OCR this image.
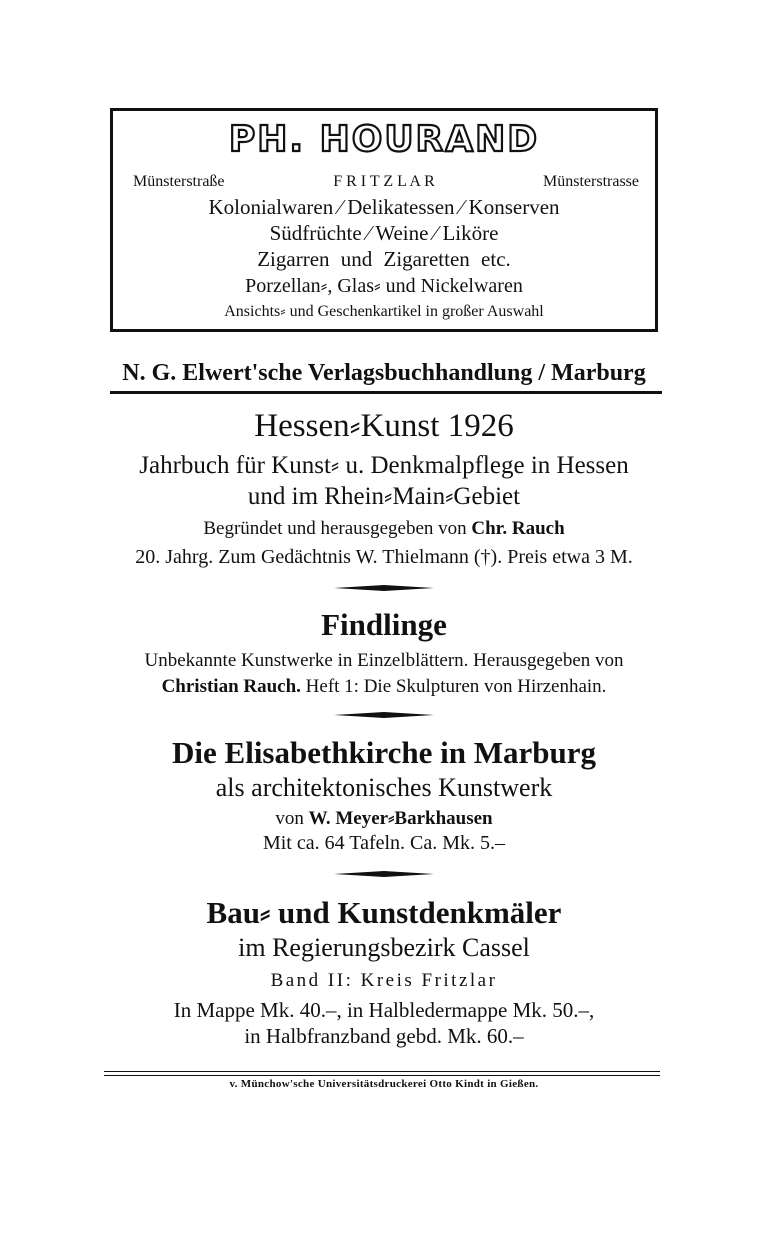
PH. HOURAND
Münsterstraße	F R I T Z L A R	Münsterstrasse
Kolonialwaren ⁄ Delikatessen ⁄ Konserven
Südfrüchte ⁄ Weine ⁄ Liköre
Zigarren und Zigaretten etc.
Porzellan⸗, Glas⸗ und Nickelwaren
Ansichts⸗ und Geschenkartikel in großer Auswahl
N. G. Elwert'sche Verlagsbuchhandlung / Marburg
Hessen⸗Kunst 1926
Jahrbuch für Kunst⸗ u. Denkmalpflege in Hessen
und im Rhein⸗Main⸗Gebiet
Begründet und herausgegeben von Chr. Rauch
20. Jahrg. Zum Gedächtnis W. Thielmann (†). Preis etwa 3 M.
Findlinge
Unbekannte Kunstwerke in Einzelblättern. Herausgegeben von
Christian Rauch. Heft 1: Die Skulpturen von Hirzenhain.
Die Elisabethkirche in Marburg
als architektonisches Kunstwerk
von W. Meyer⸗Barkhausen
Mit ca. 64 Tafeln. Ca. Mk. 5.–
Bau⸗ und Kunstdenkmäler
im Regierungsbezirk Cassel
Band II: Kreis Fritzlar
In Mappe Mk. 40.–, in Halbledermappe Mk. 50.–,
in Halbfranzband gebd. Mk. 60.–
v. Münchow'sche Universitätsdruckerei Otto Kindt in Gießen.
